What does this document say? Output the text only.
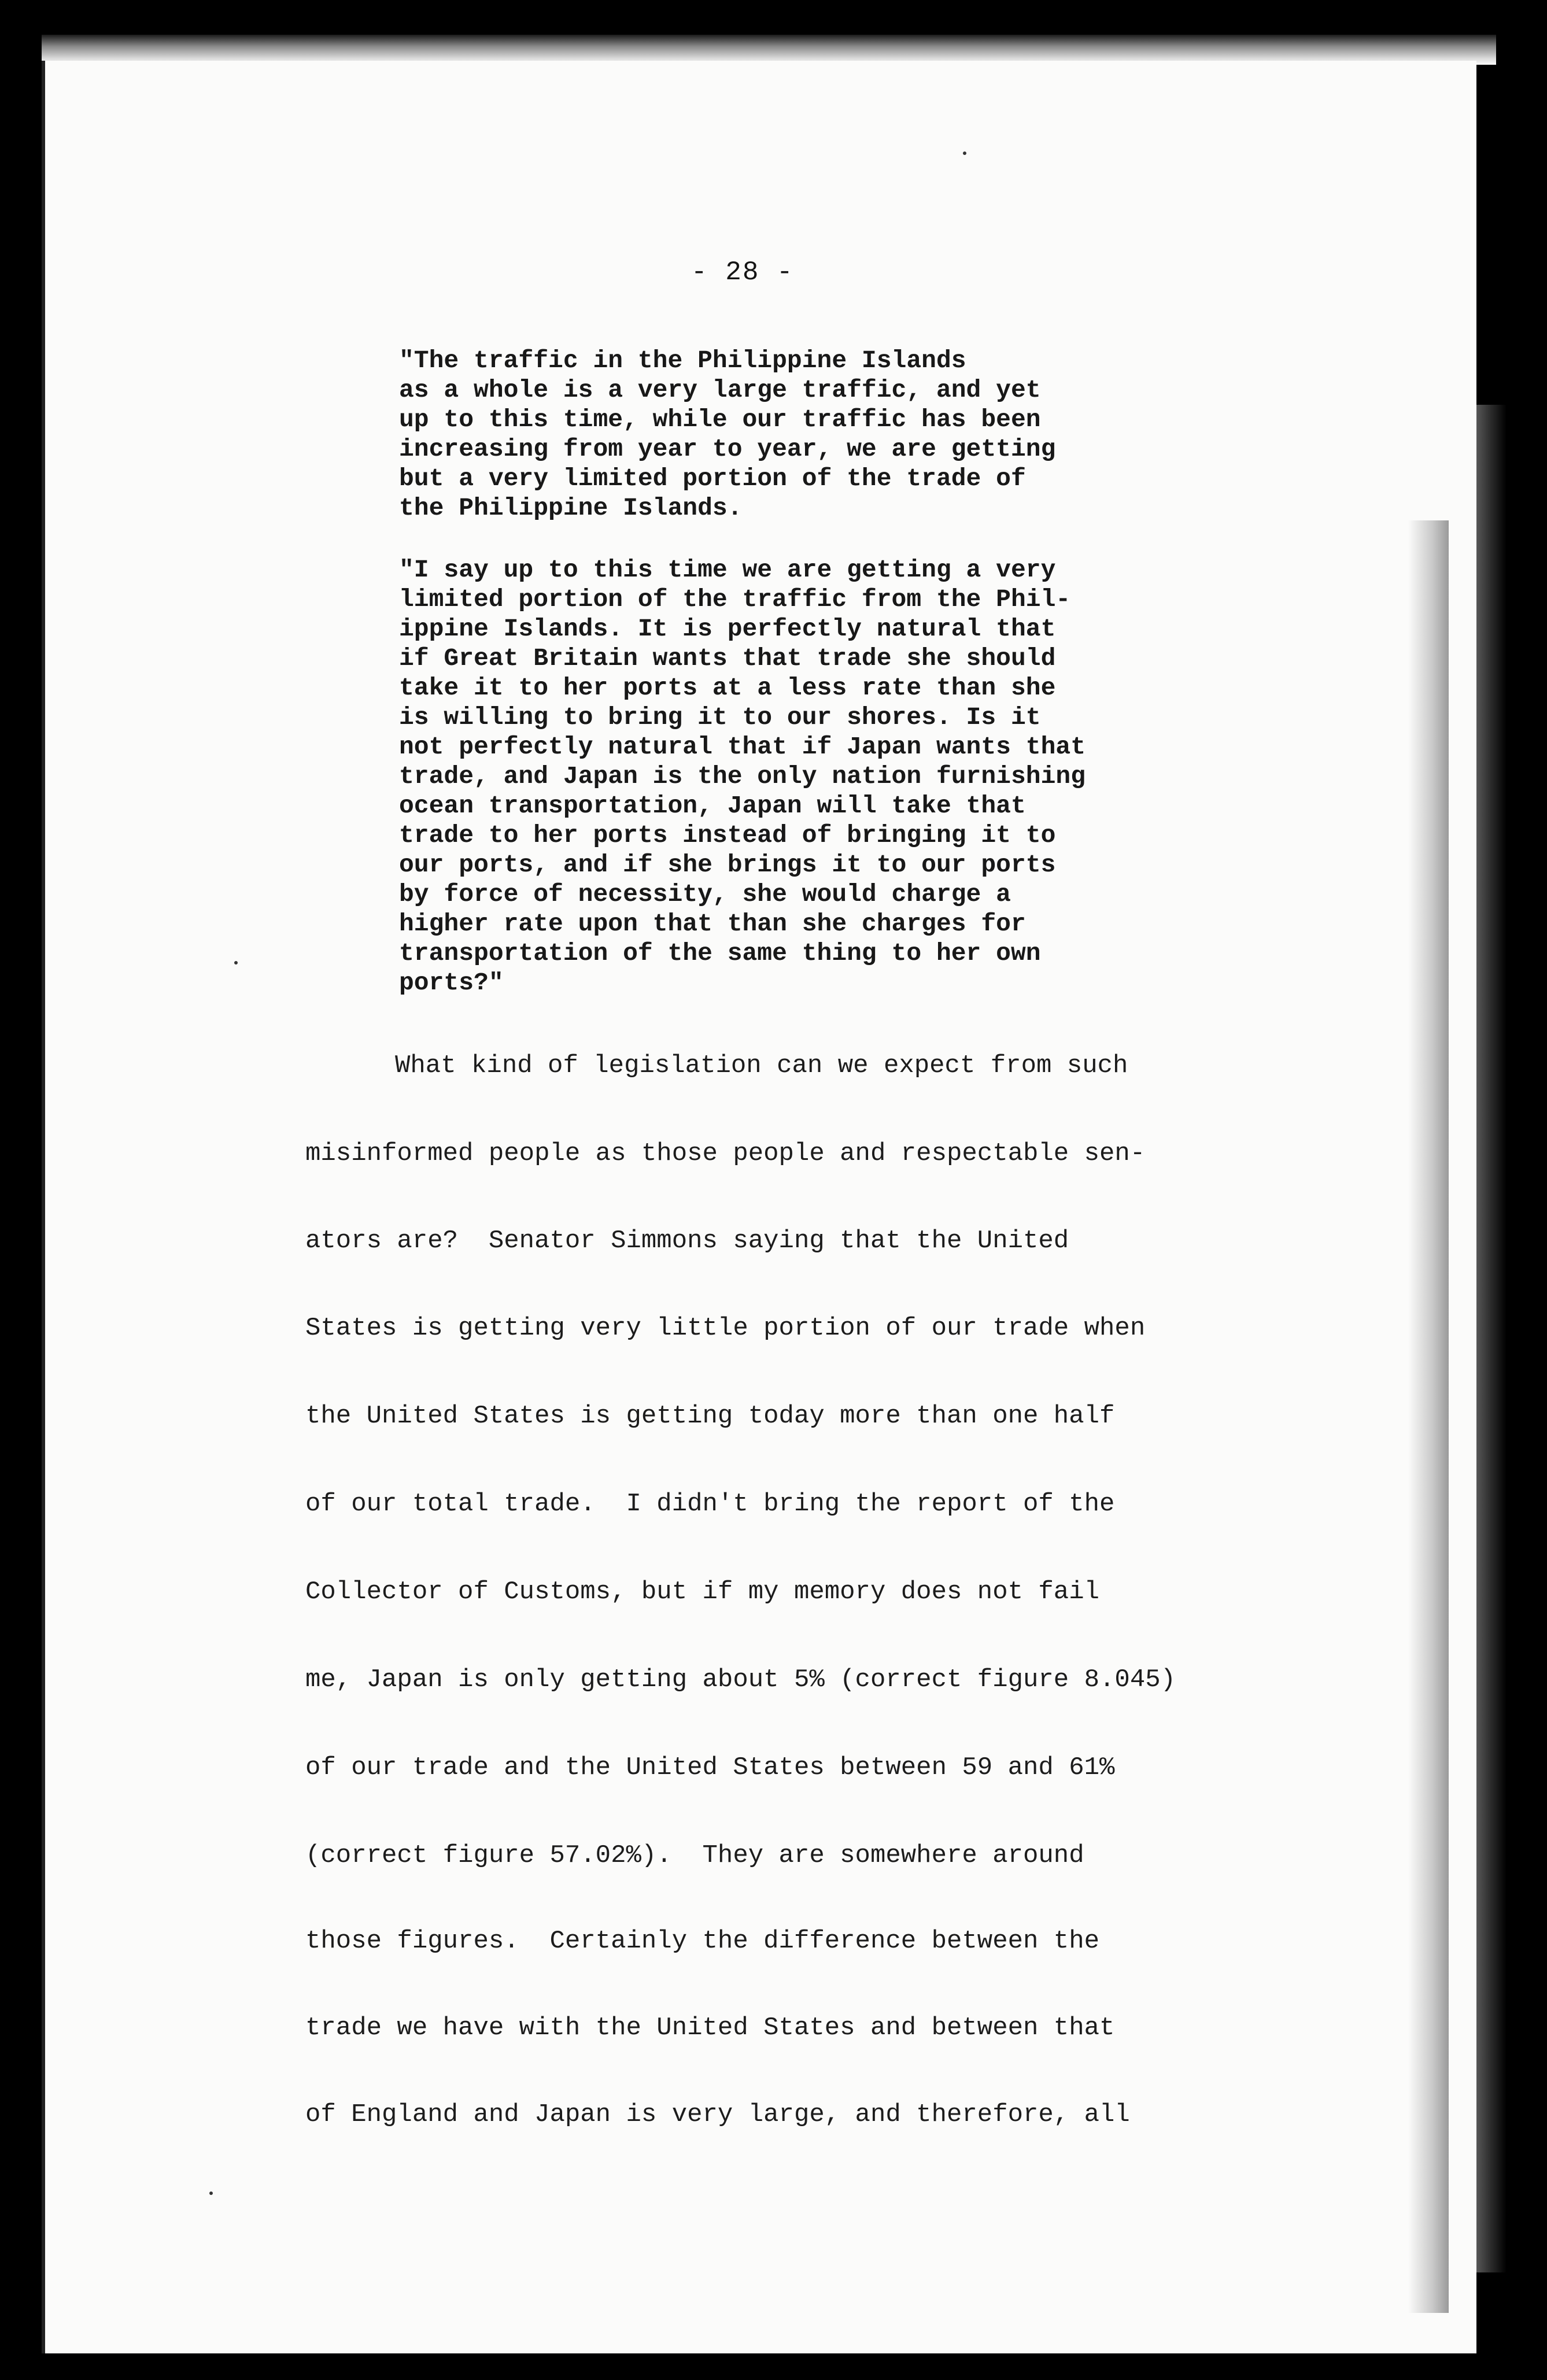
- 28 -

"The traffic in the Philippine Islands
as a whole is a very large traffic, and yet
up to this time, while our traffic has been
increasing from year to year, we are getting
but a very limited portion of the trade of
the Philippine Islands.

"I say up to this time we are getting a very
limited portion of the traffic from the Phil-
ippine Islands. It is perfectly natural that
if Great Britain wants that trade she should
take it to her ports at a less rate than she
is willing to bring it to our shores. Is it
not perfectly natural that if Japan wants that
trade, and Japan is the only nation furnishing
ocean transportation, Japan will take that
trade to her ports instead of bringing it to
our ports, and if she brings it to our ports
by force of necessity, she would charge a
higher rate upon that than she charges for
transportation of the same thing to her own
ports?"

What kind of legislation can we expect from such
misinformed people as those people and respectable sen-
ators are?  Senator Simmons saying that the United
States is getting very little portion of our trade when
the United States is getting today more than one half
of our total trade.  I didn't bring the report of the
Collector of Customs, but if my memory does not fail
me, Japan is only getting about 5% (correct figure 8.045)
of our trade and the United States between 59 and 61%
(correct figure 57.02%).  They are somewhere around
those figures.  Certainly the difference between the
trade we have with the United States and between that
of England and Japan is very large, and therefore, all
